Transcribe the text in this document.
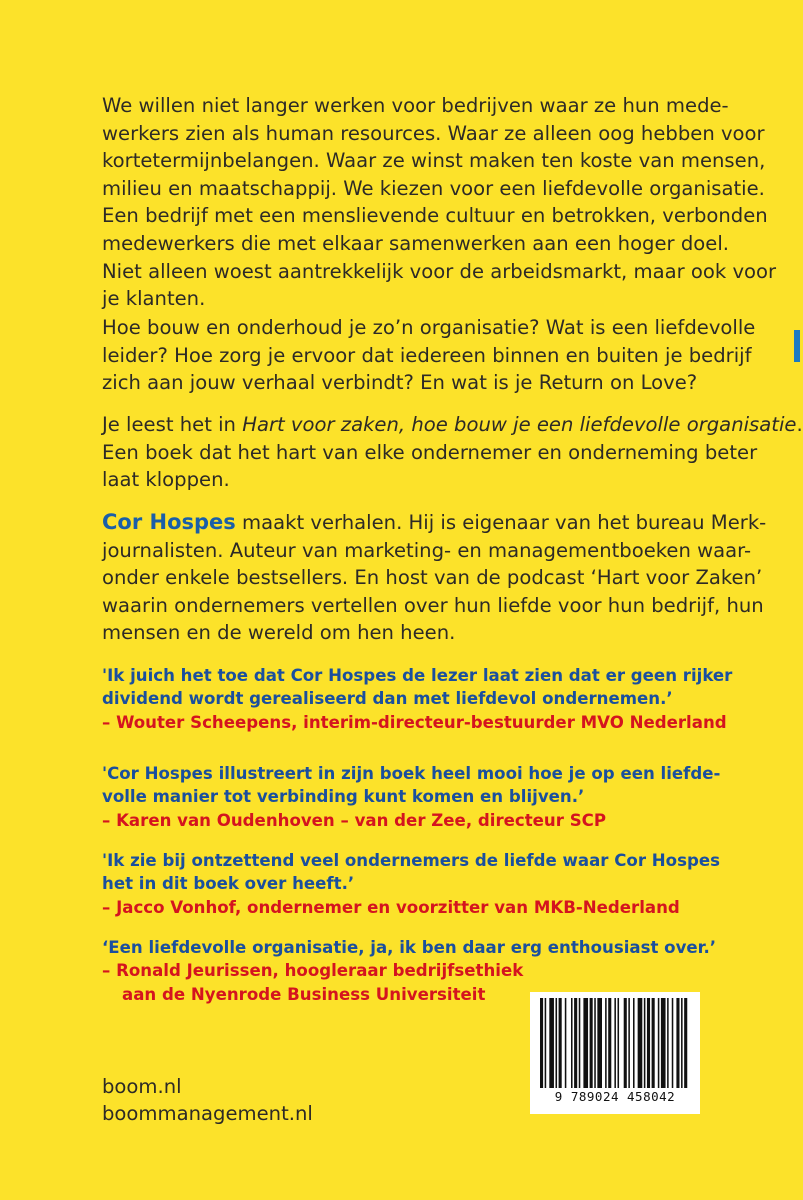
We willen niet langer werken voor bedrijven waar ze hun mede-
werkers zien als human resources. Waar ze alleen oog hebben voor
kortetermijnbelangen. Waar ze winst maken ten koste van mensen,
milieu en maatschappij. We kiezen voor een liefdevolle organisatie.
Een bedrijf met een menslievende cultuur en betrokken, verbonden
medewerkers die met elkaar samenwerken aan een hoger doel.
Niet alleen woest aantrekkelijk voor de arbeidsmarkt, maar ook voor
je klanten.
Hoe bouw en onderhoud je zo’n organisatie? Wat is een liefdevolle
leider? Hoe zorg je ervoor dat iedereen binnen en buiten je bedrijf
zich aan jouw verhaal verbindt? En wat is je Return on Love?
Je leest het in Hart voor zaken, hoe bouw je een liefdevolle organisatie.
Een boek dat het hart van elke ondernemer en onderneming beter
laat kloppen.
Cor Hospes maakt verhalen. Hij is eigenaar van het bureau Merk-
journalisten. Auteur van marketing- en managementboeken waar-
onder enkele bestsellers. En host van de podcast ‘Hart voor Zaken’
waarin ondernemers vertellen over hun liefde voor hun bedrijf, hun
mensen en de wereld om hen heen.
'Ik juich het toe dat Cor Hospes de lezer laat zien dat er geen rijker
dividend wordt gerealiseerd dan met liefdevol ondernemen.’
– Wouter Scheepens, interim-directeur-bestuurder MVO Nederland
'Cor Hospes illustreert in zijn boek heel mooi hoe je op een liefde-
volle manier tot verbinding kunt komen en blijven.’
– Karen van Oudenhoven – van der Zee, directeur SCP
'Ik zie bij ontzettend veel ondernemers de liefde waar Cor Hospes
het in dit boek over heeft.’
– Jacco Vonhof, ondernemer en voorzitter van MKB-Nederland
‘Een liefdevolle organisatie, ja, ik ben daar erg enthousiast over.’
– Ronald Jeurissen, hoogleraar bedrijfsethiek
aan de Nyenrode Business Universiteit
boom.nl
boommanagement.nl
9 789024 458042
